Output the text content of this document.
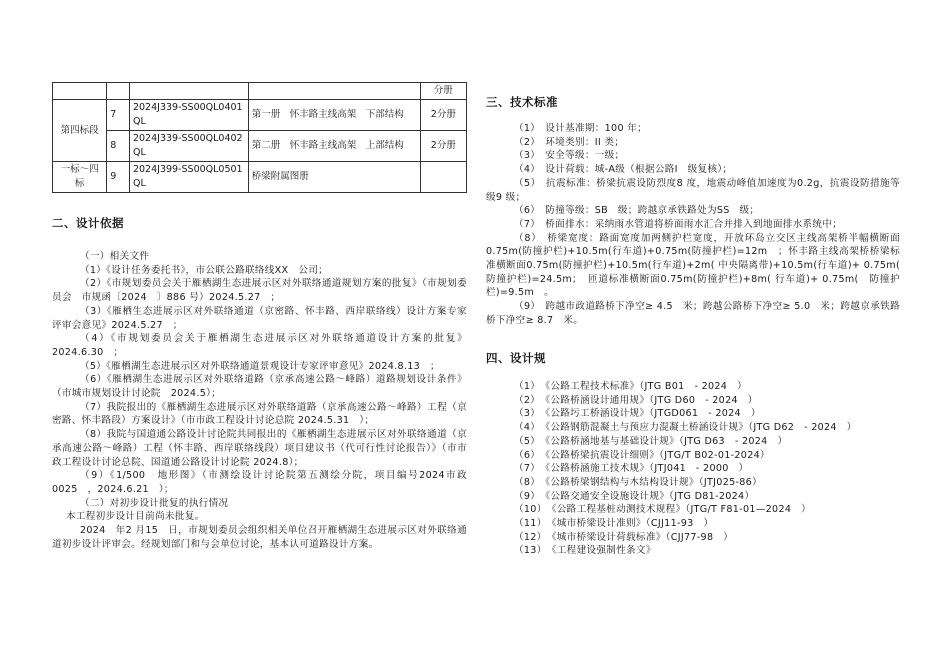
				分册
第四标段	7	2024J339-SS00QL0401QL	第一册　怀丰路主线高架　下部结构	2分册
	8	2024J339-SS00QL0402QL	第二册　怀丰路主线高架　上部结构	2分册
一标～四标	9	2024J399-SS00QL0501QL	桥梁附属图册	
二、设计依据

（一）相关文件

（1）《设计任务委托书》，市公联公路联络线XX　公司；

（2）《市规划委员会关于雁栖湖生态进展示区对外联络通道规划方案的批复》（市规划委员会　市规函〔2024　〕886 号）2024.5.27　；

（3）《雁栖生态进展示区对外联络通道（京密路、怀丰路、西岸联络线）设计方案专家评审会意见》2024.5.27　；

（4）《市规划委员会关于雁栖湖生态进展示区对外联络通道设计方案的批复》2024.6.30　；

（5）《雁栖湖生态进展示区对外联络通道景观设计专家评审意见》2024.8.13　；

（6）《雁栖湖生态进展示区对外联络道路（京承高速公路～峰路）道路规划设计条件》（市城市规划设计讨论院　2024.5）；

（7）我院报出的《雁栖湖生态进展示区对外联络道路（京承高速公路～峰路）工程（京密路、怀丰路段）方案设计》（市市政工程设计讨论总院 2024.5.31　）；

（8）我院与国道通公路设计讨论院共同报出的《雁栖湖生态进展示区对外联络通道（京承高速公路～峰路）工程（怀丰路、西岸联络线段）项目建议书（代可行性讨论报告）》（市市政工程设计讨论总院、国道通公路设计讨论院 2024.8）；

（9）《1/500　地形图》（市测绘设计讨论院第五测绘分院，项目编号2024市政0025　，2024.6.21　）；

（二）对初步设计批复的执行情况

本工程初步设计目前尚未批复。

2024　年2 月15　日，市规划委员会组织相关单位召开雁栖湖生态进展示区对外联络通道初步设计评审会。经规划部门和与会单位讨论，基本认可道路设计方案。

三、技术标准

（1）　设计基准期：100 年；

（2）　环境类别：II 类；

（3）　安全等级：一级；

（4）　设计荷载：城-A级（根据公路I　级复核）；

（5）　抗震标准：桥梁抗震设防烈度8 度，地震动峰值加速度为0.2g，抗震设防措施等级9 级；

（6）　防撞等级：SB　级；跨越京承铁路处为SS　级；

（7）　桥面排水：采纳雨水管道将桥面雨水汇合并排入到地面排水系统中；

（8）　桥梁宽度：路面宽度加两侧护栏宽度，开放环岛立交区主线高架桥半幅横断面0.75m(防撞护栏)+10.5m(行车道)+0.75m(防撞护栏)=12m　；怀丰路主线高架桥桥梁标准横断面0.75m(防撞护栏)+10.5m(行车道)+2m( 中央隔离带)+10.5m(行车道)+ 0.75m(　防撞护栏)=24.5m；　匝道标准横断面0.75m(防撞护栏)+8m( 行车道)+ 0.75m(　防撞护栏)=9.5m　。

（9）　跨越市政道路桥下净空≥ 4.5　米；跨越公路桥下净空≥ 5.0　米；跨越京承铁路桥下净空≥ 8.7　米。

四、设计规

（1）　《公路工程技术标准》（JTG B01　- 2024　）

（2）　《公路桥涵设计通用规》（JTG D60　- 2024　）

（3）　《公路圬工桥涵设计规》（JTGD061　- 2024　）

（4）　《公路钢筋混凝土与预应力混凝土桥涵设计规》（JTG D62　- 2024　）

（5）　《公路桥涵地基与基础设计规》（JTG D63　- 2024　）

（6）　《公路桥梁抗震设计细则》（JTG/T B02-01-2024）

（7）　《公路桥涵施工技术规》（JTJ041　- 2000　）

（8）　《公路桥梁钢结构与木结构设计规》（JTJ025-86）

（9）　《公路交通安全设施设计规》（JTG D81-2024）

（10）　《公路工程基桩动测技术规程》（JTG/T F81-01—2024　）

（11）　《城市桥梁设计准则》（CJJ11-93　）

（12）　《城市桥梁设计荷载标准》（CJJ77-98　）

（13）　《工程建设强制性条文》
